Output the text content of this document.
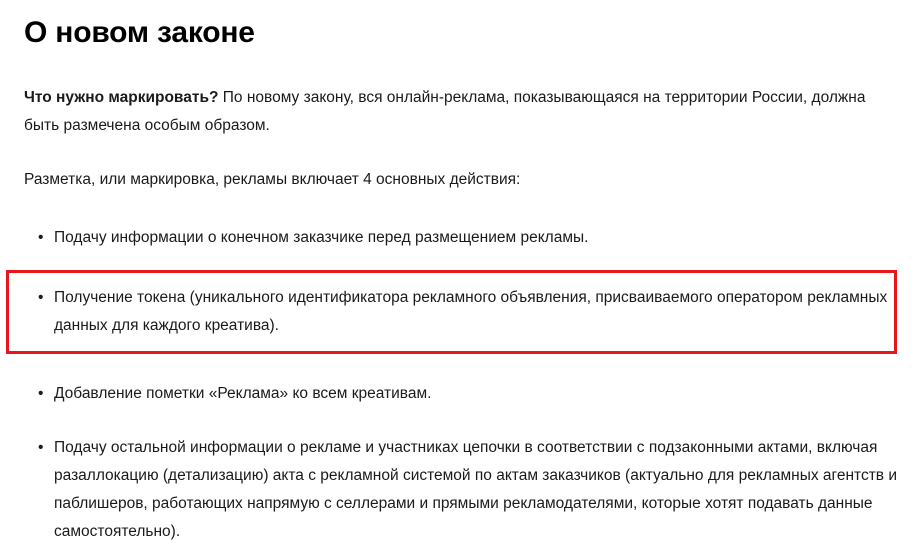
О новом законе

Что нужно маркировать? По новому закону, вся онлайн-реклама, показывающаяся на территории России, должна быть размечена особым образом.

Разметка, или маркировка, рекламы включает 4 основных действия:

• Подачу информации о конечном заказчике перед размещением рекламы.
• Получение токена (уникального идентификатора рекламного объявления, присваиваемого оператором рекламных данных для каждого креатива).
• Добавление пометки «Реклама» ко всем креативам.
• Подачу остальной информации о рекламе и участниках цепочки в соответствии с подзаконными актами, включая разаллокацию (детализацию) акта с рекламной системой по актам заказчиков (актуально для рекламных агентств и паблишеров, работающих напрямую с селлерами и прямыми рекламодателями, которые хотят подавать данные самостоятельно).
